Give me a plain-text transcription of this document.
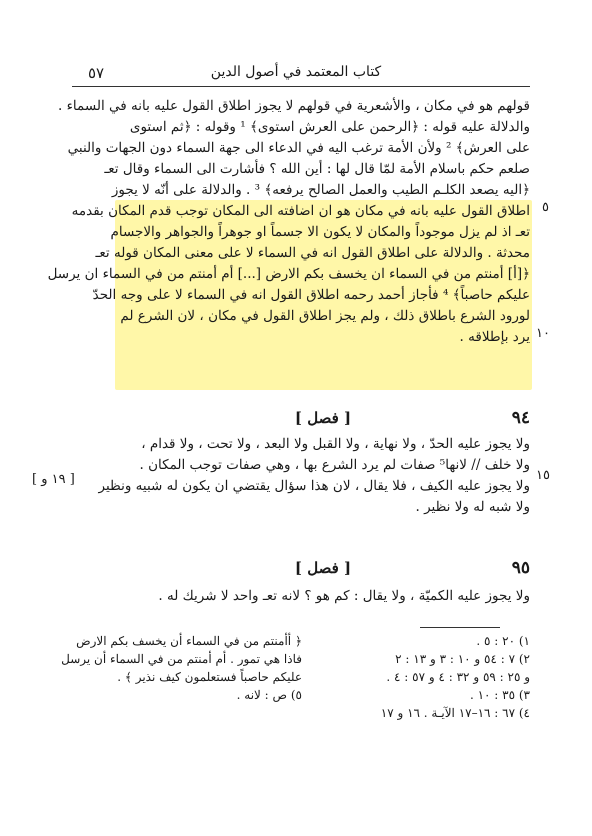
٥٧	كتاب المعتمد في أصول الدين
قولهم هو في مكان ، والأشعرية في قولهم لا يجوز اطلاق القول عليه بانه في السماء .
والدلالة عليه قوله : ﴿الرحمن على العرش استوى﴾ ¹ وقوله : ﴿ثم استوى
على العرش﴾ ² ولأن الأمة ترغب اليه في الدعاء الى جهة السماء دون الجهات والنبي
صلعم حكم باسلام الأمة لمّا قال لها : أين الله ؟ فأشارت الى السماء وقال تعـ
﴿اليه يصعد الكلـم الطيب والعمل الصالح يرفعه﴾ ³ . والدلالة على أنّه لا يجوز
اطلاق القول عليه بانه في مكان هو ان اضافته الى المكان توجب قدم المكان بقدمه
تعـ اذ لم يزل موجوداً والمكان لا يكون الا جسماً او جوهراً والجواهر والاجسام
محدثة . والدلالة على اطلاق القول انه في السماء لا على معنى المكان قوله تعـ
﴿[أ] أمنتم من في السماء ان يخسف بكم الارض [...] أم أمنتم من في السماء ان يرسل
عليكم حاصباً﴾ ⁴ فأجاز أحمد رحمه اطلاق القول انه في السماء لا على وجه الحدّ
لورود الشرع باطلاق ذلك ، ولم يجز اطلاق القول في مكان ، لان الشرع لم
يرد بإطلاقه .
٥
١٠
١٥
٩٤
[ فصل ]
ولا يجوز عليه الحدّ ، ولا نهاية ، ولا القبل ولا البعد ، ولا تحت ، ولا قدام ،
ولا خلف // لانها⁵ صفات لم يرد الشرع بها ، وهي صفات توجب المكان .
ولا يجوز عليه الكيف ، فلا يقال ، لان هذا سؤال يقتضي ان يكون له شبيه ونظير
ولا شبه له ولا نظير .
[ ١٩ و ]
٩٥
[ فصل ]
ولا يجوز عليه الكميّة ، ولا يقال : كم هو ؟ لانه تعـ واحد لا شريك له .
١) ٢٠ : ٥ .
٢) ٧ : ٥٤ و ١٠ : ٣ و ١٣ : ٢
و ٢٥ : ٥٩ و ٣٢ : ٤ و ٥٧ : ٤ .
٣) ٣٥ : ١٠ .
٤) ٦٧ : ١٦–١٧ الآيـة . ١٦ و ١٧
﴿ أأمنتم من في السماء أن يخسف بكم الارض
فاذا هي تمور . أم أمنتم من في السماء أن يرسل
عليكم حاصباً فستعلمون كيف نذير ﴾ .
٥) ص : لانه .
